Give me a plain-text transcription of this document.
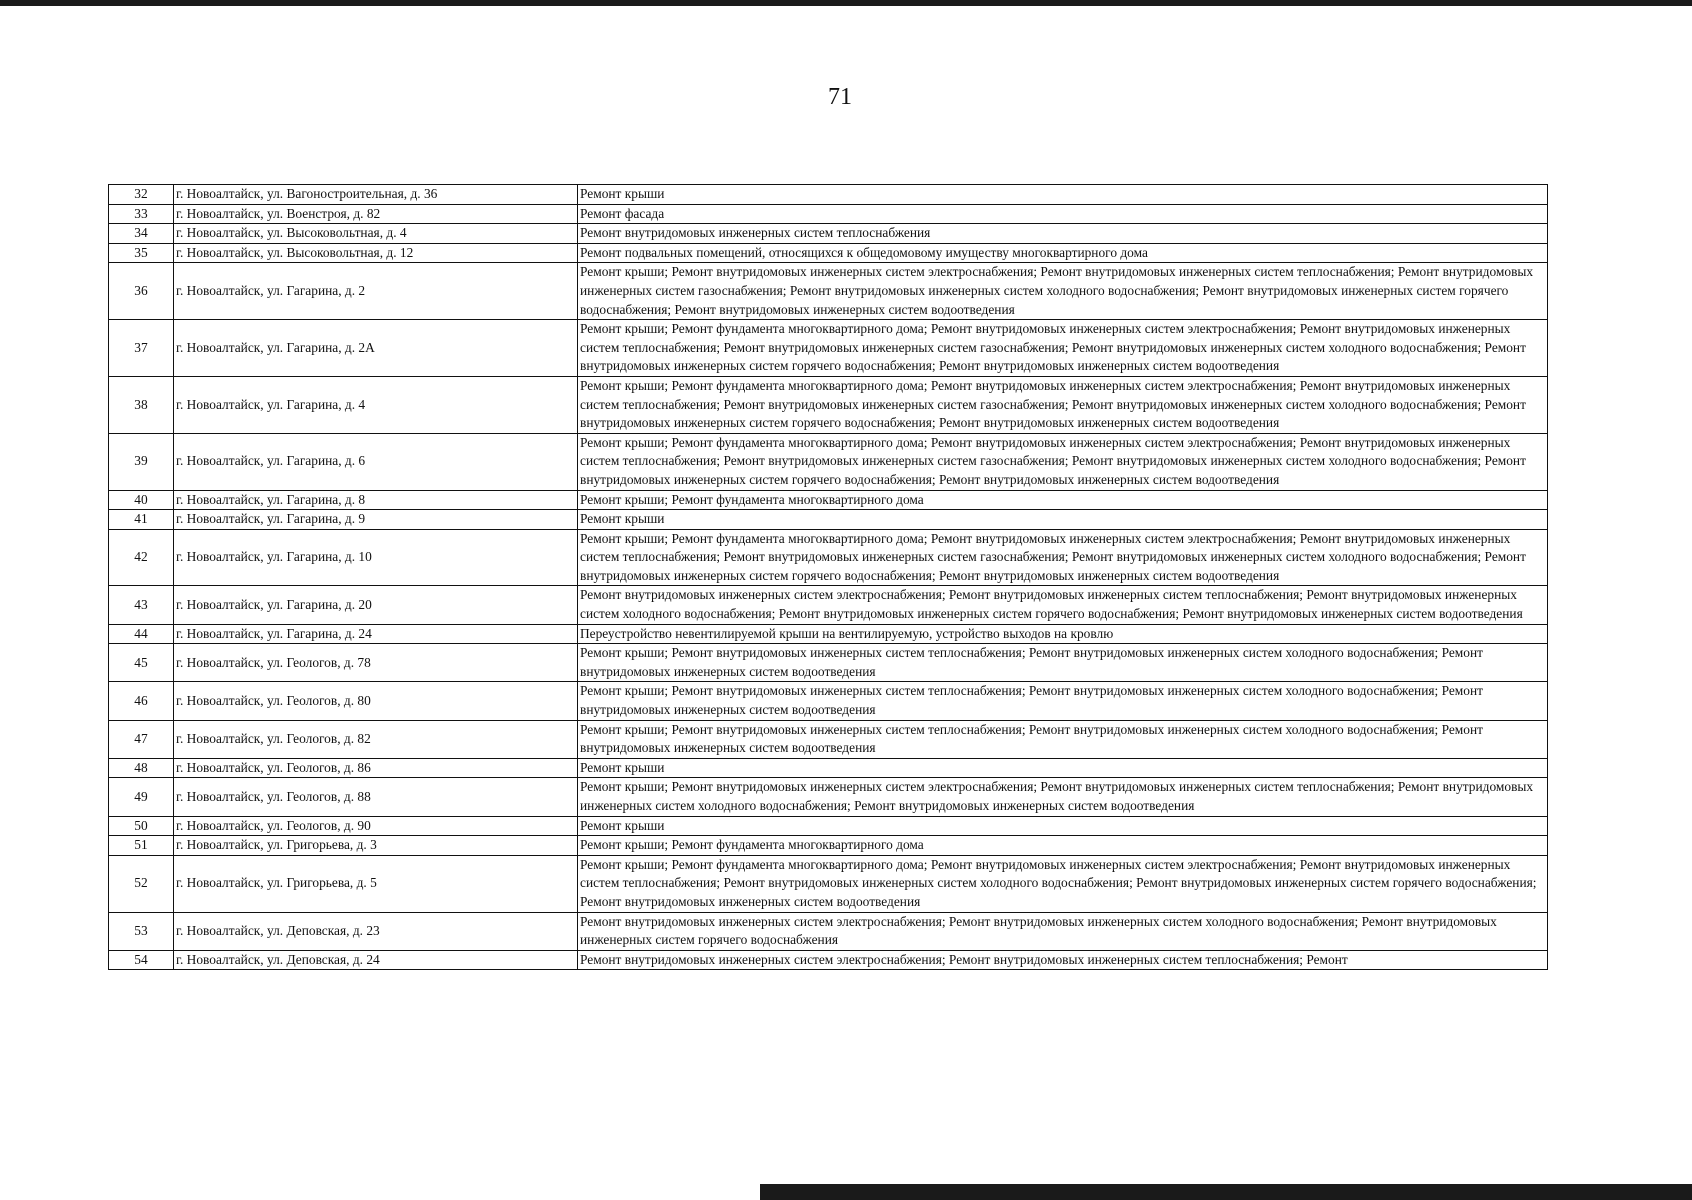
71
32	г. Новоалтайск, ул. Вагоностроительная, д. 36	Ремонт крыши
33	г. Новоалтайск, ул. Военстроя, д. 82	Ремонт фасада
34	г. Новоалтайск, ул. Высоковольтная, д. 4	Ремонт внутридомовых инженерных систем теплоснабжения
35	г. Новоалтайск, ул. Высоковольтная, д. 12	Ремонт подвальных помещений, относящихся к общедомовому имуществу многоквартирного дома
36	г. Новоалтайск, ул. Гагарина, д. 2	Ремонт крыши; Ремонт внутридомовых инженерных систем электроснабжения; Ремонт внутридомовых инженерных систем теплоснабжения; Ремонт внутридомовых инженерных систем газоснабжения; Ремонт внутридомовых инженерных систем холодного водоснабжения; Ремонт внутридомовых инженерных систем горячего водоснабжения; Ремонт внутридомовых инженерных систем водоотведения
37	г. Новоалтайск, ул. Гагарина, д. 2А	Ремонт крыши; Ремонт фундамента многоквартирного дома; Ремонт внутридомовых инженерных систем электроснабжения; Ремонт внутридомовых инженерных систем теплоснабжения; Ремонт внутридомовых инженерных систем газоснабжения; Ремонт внутридомовых инженерных систем холодного водоснабжения; Ремонт внутридомовых инженерных систем горячего водоснабжения; Ремонт внутридомовых инженерных систем водоотведения
38	г. Новоалтайск, ул. Гагарина, д. 4	Ремонт крыши; Ремонт фундамента многоквартирного дома; Ремонт внутридомовых инженерных систем электроснабжения; Ремонт внутридомовых инженерных систем теплоснабжения; Ремонт внутридомовых инженерных систем газоснабжения; Ремонт внутридомовых инженерных систем холодного водоснабжения; Ремонт внутридомовых инженерных систем горячего водоснабжения; Ремонт внутридомовых инженерных систем водоотведения
39	г. Новоалтайск, ул. Гагарина, д. 6	Ремонт крыши; Ремонт фундамента многоквартирного дома; Ремонт внутридомовых инженерных систем электроснабжения; Ремонт внутридомовых инженерных систем теплоснабжения; Ремонт внутридомовых инженерных систем газоснабжения; Ремонт внутридомовых инженерных систем холодного водоснабжения; Ремонт внутридомовых инженерных систем горячего водоснабжения; Ремонт внутридомовых инженерных систем водоотведения
40	г. Новоалтайск, ул. Гагарина, д. 8	Ремонт крыши; Ремонт фундамента многоквартирного дома
41	г. Новоалтайск, ул. Гагарина, д. 9	Ремонт крыши
42	г. Новоалтайск, ул. Гагарина, д. 10	Ремонт крыши; Ремонт фундамента многоквартирного дома; Ремонт внутридомовых инженерных систем электроснабжения; Ремонт внутридомовых инженерных систем теплоснабжения; Ремонт внутридомовых инженерных систем газоснабжения; Ремонт внутридомовых инженерных систем холодного водоснабжения; Ремонт внутридомовых инженерных систем горячего водоснабжения; Ремонт внутридомовых инженерных систем водоотведения
43	г. Новоалтайск, ул. Гагарина, д. 20	Ремонт внутридомовых инженерных систем электроснабжения; Ремонт внутридомовых инженерных систем теплоснабжения; Ремонт внутридомовых инженерных систем холодного водоснабжения; Ремонт внутридомовых инженерных систем горячего водоснабжения; Ремонт внутридомовых инженерных систем водоотведения
44	г. Новоалтайск, ул. Гагарина, д. 24	Переустройство невентилируемой крыши на вентилируемую, устройство выходов на кровлю
45	г. Новоалтайск, ул. Геологов, д. 78	Ремонт крыши; Ремонт внутридомовых инженерных систем теплоснабжения; Ремонт внутридомовых инженерных систем холодного водоснабжения; Ремонт внутридомовых инженерных систем водоотведения
46	г. Новоалтайск, ул. Геологов, д. 80	Ремонт крыши; Ремонт внутридомовых инженерных систем теплоснабжения; Ремонт внутридомовых инженерных систем холодного водоснабжения; Ремонт внутридомовых инженерных систем водоотведения
47	г. Новоалтайск, ул. Геологов, д. 82	Ремонт крыши; Ремонт внутридомовых инженерных систем теплоснабжения; Ремонт внутридомовых инженерных систем холодного водоснабжения; Ремонт внутридомовых инженерных систем водоотведения
48	г. Новоалтайск, ул. Геологов, д. 86	Ремонт крыши
49	г. Новоалтайск, ул. Геологов, д. 88	Ремонт крыши; Ремонт внутридомовых инженерных систем электроснабжения; Ремонт внутридомовых инженерных систем теплоснабжения; Ремонт внутридомовых инженерных систем холодного водоснабжения; Ремонт внутридомовых инженерных систем водоотведения
50	г. Новоалтайск, ул. Геологов, д. 90	Ремонт крыши
51	г. Новоалтайск, ул. Григорьева, д. 3	Ремонт крыши; Ремонт фундамента многоквартирного дома
52	г. Новоалтайск, ул. Григорьева, д. 5	Ремонт крыши; Ремонт фундамента многоквартирного дома; Ремонт внутридомовых инженерных систем электроснабжения; Ремонт внутридомовых инженерных систем теплоснабжения; Ремонт внутридомовых инженерных систем холодного водоснабжения; Ремонт внутридомовых инженерных систем горячего водоснабжения; Ремонт внутридомовых инженерных систем водоотведения
53	г. Новоалтайск, ул. Деповская, д. 23	Ремонт внутридомовых инженерных систем электроснабжения; Ремонт внутридомовых инженерных систем холодного водоснабжения; Ремонт внутридомовых инженерных систем горячего водоснабжения
54	г. Новоалтайск, ул. Деповская, д. 24	Ремонт внутридомовых инженерных систем электроснабжения; Ремонт внутридомовых инженерных систем теплоснабжения; Ремонт
